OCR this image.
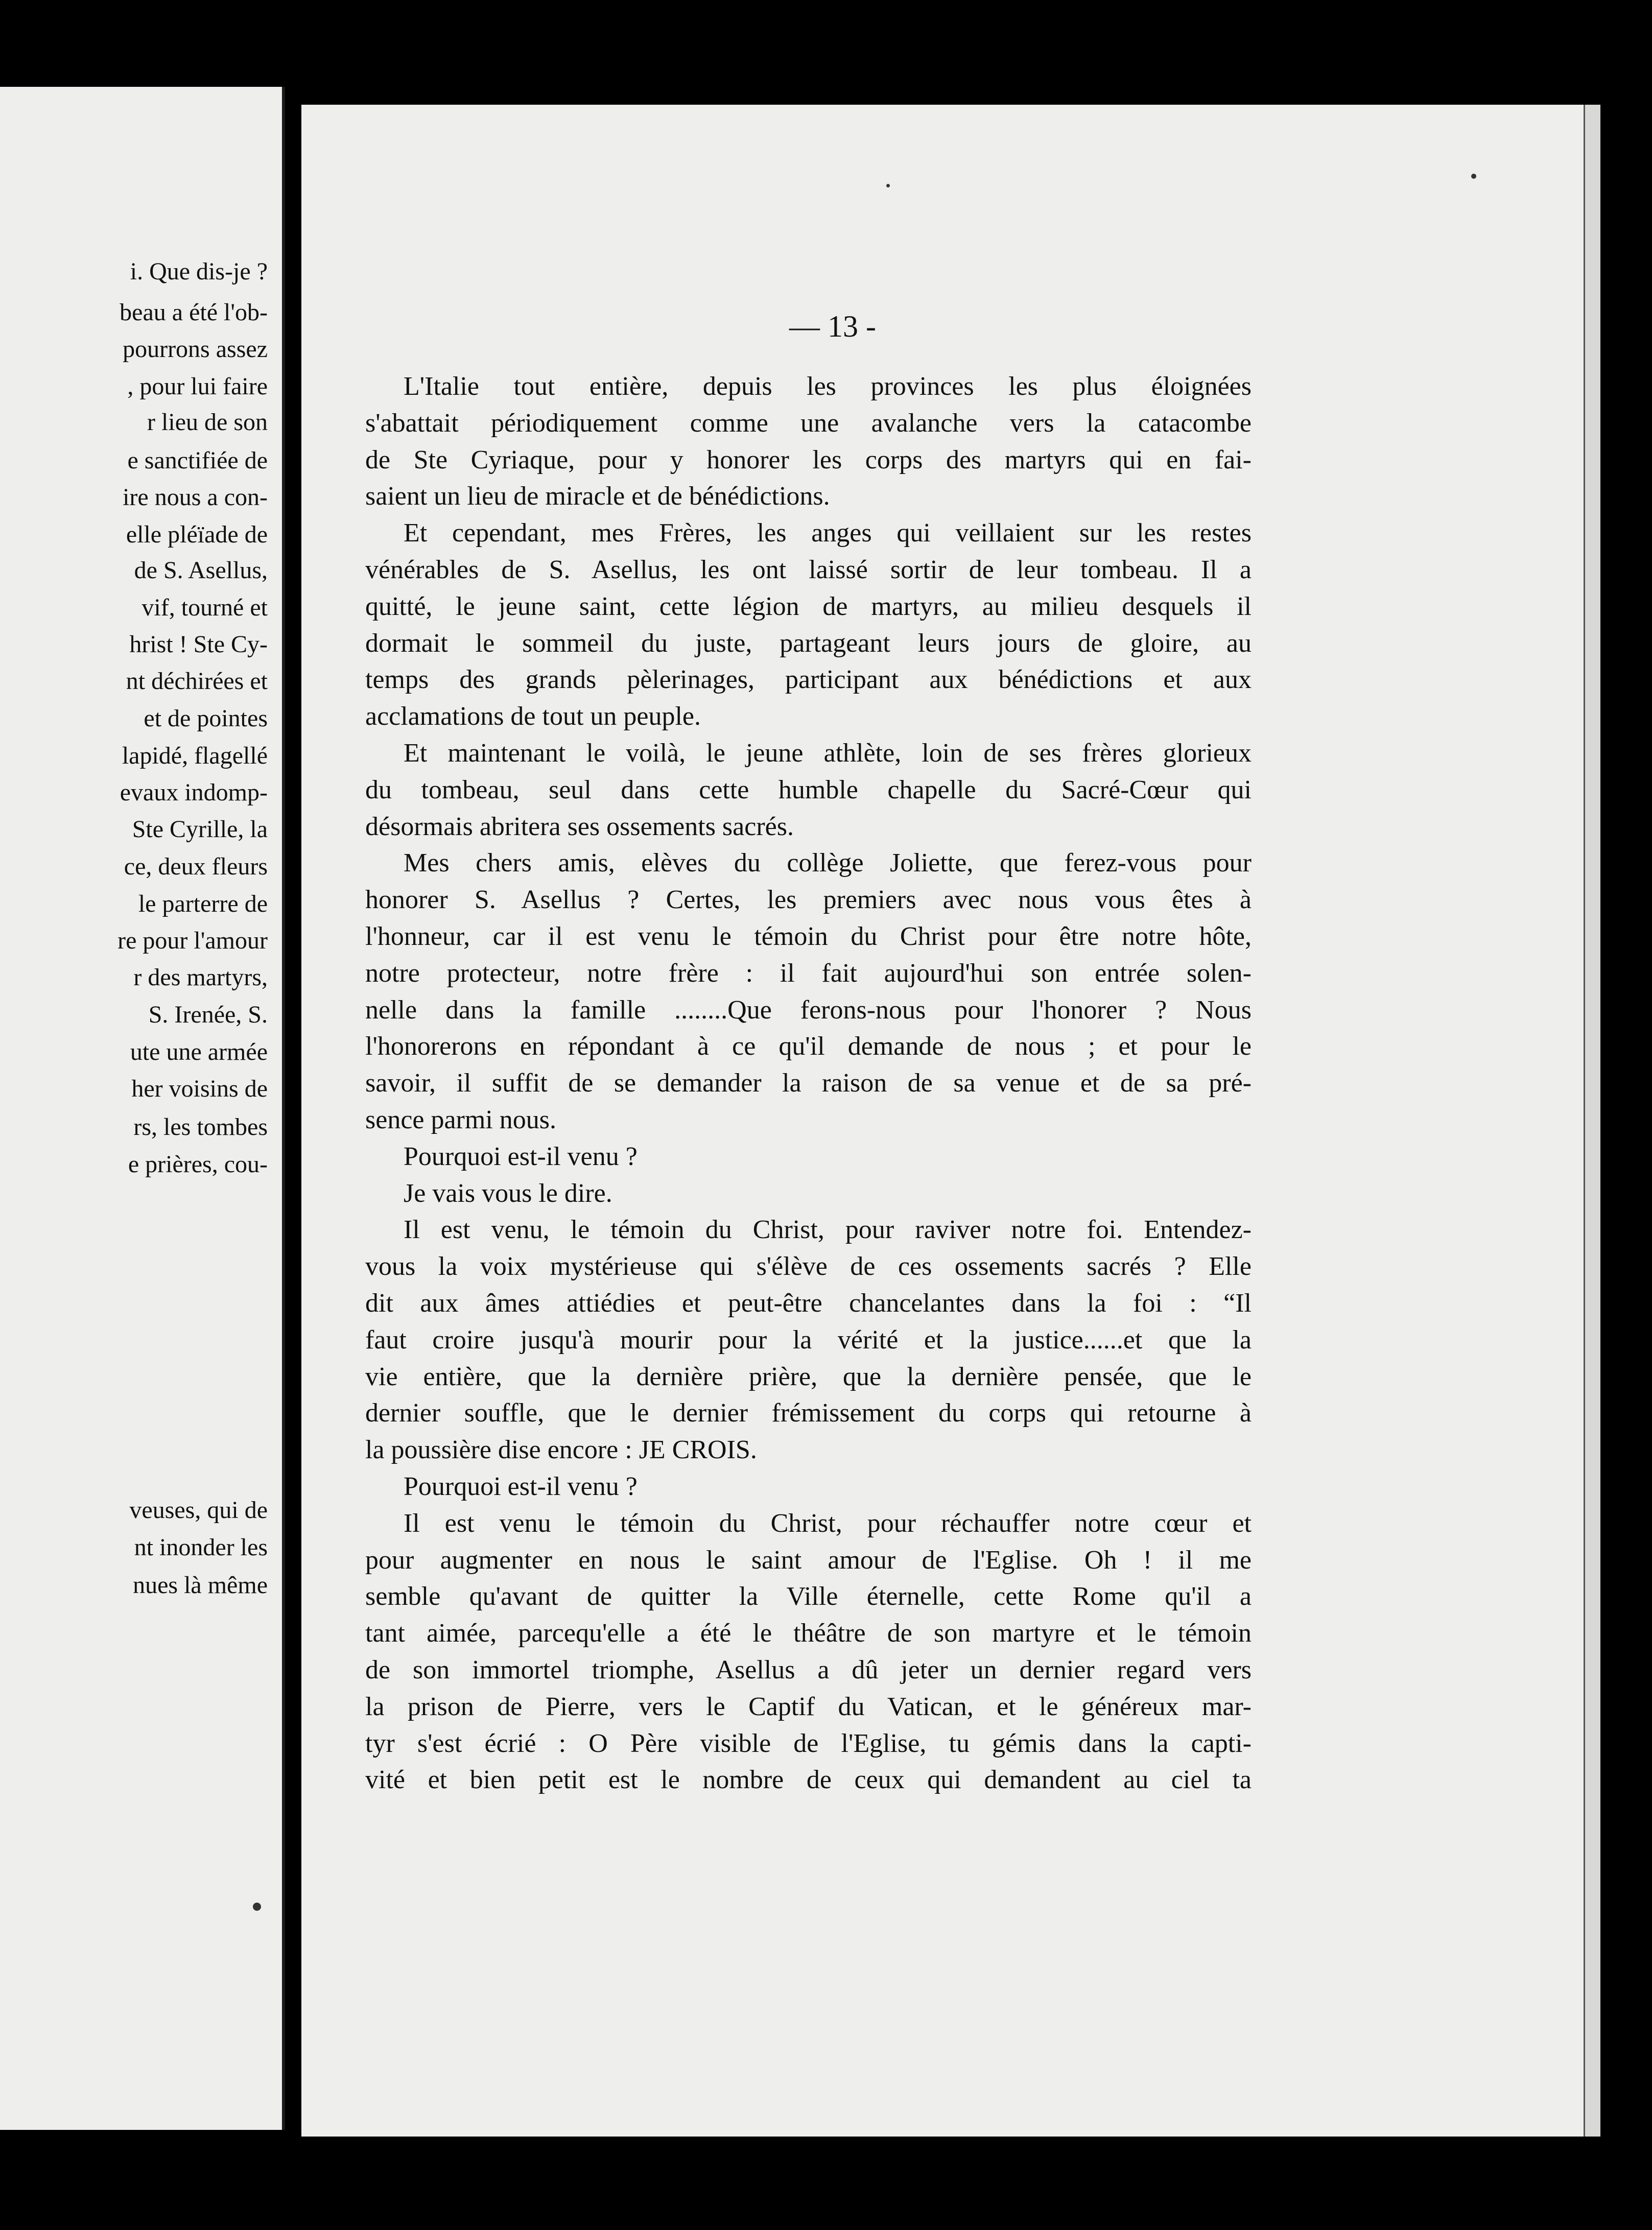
i. Que dis-je ?
beau a été l'ob-
pourrons assez
, pour lui faire
r lieu de son
e sanctifiée de
ire nous a con-
elle pléïade de
de S. Asellus,
vif, tourné et
hrist ! Ste Cy-
nt déchirées et
et de pointes
lapidé, flagellé
evaux indomp-
Ste Cyrille, la
ce, deux fleurs
le parterre de
re pour l'amour
r des martyrs,
S. Irenée, S.
ute une armée
her voisins de
rs, les tombes
e prières, cou-
veuses, qui de
nt inonder les
nues là même
— 13 -
L'Italie tout entière, depuis les provinces les plus éloignées
s'abattait périodiquement comme une avalanche vers la catacombe
de Ste Cyriaque, pour y honorer les corps des martyrs qui en fai-
saient un lieu de miracle et de bénédictions.
Et cependant, mes Frères, les anges qui veillaient sur les restes
vénérables de S. Asellus, les ont laissé sortir de leur tombeau. Il a
quitté, le jeune saint, cette légion de martyrs, au milieu desquels il
dormait le sommeil du juste, partageant leurs jours de gloire, au
temps des grands pèlerinages, participant aux bénédictions et aux
acclamations de tout un peuple.
Et maintenant le voilà, le jeune athlète, loin de ses frères glorieux
du tombeau, seul dans cette humble chapelle du Sacré-Cœur qui
désormais abritera ses ossements sacrés.
Mes chers amis, elèves du collège Joliette, que ferez-vous pour
honorer S. Asellus ? Certes, les premiers avec nous vous êtes à
l'honneur, car il est venu le témoin du Christ pour être notre hôte,
notre protecteur, notre frère : il fait aujourd'hui son entrée solen-
nelle dans la famille ........Que ferons-nous pour l'honorer ? Nous
l'honorerons en répondant à ce qu'il demande de nous ; et pour le
savoir, il suffit de se demander la raison de sa venue et de sa pré-
sence parmi nous.
Pourquoi est-il venu ?
Je vais vous le dire.
Il est venu, le témoin du Christ, pour raviver notre foi. Entendez-
vous la voix mystérieuse qui s'élève de ces ossements sacrés ? Elle
dit aux âmes attiédies et peut-être chancelantes dans la foi : “Il
faut croire jusqu'à mourir pour la vérité et la justice......et que la
vie entière, que la dernière prière, que la dernière pensée, que le
dernier souffle, que le dernier frémissement du corps qui retourne à
la poussière dise encore : JE CROIS.
Pourquoi est-il venu ?
Il est venu le témoin du Christ, pour réchauffer notre cœur et
pour augmenter en nous le saint amour de l'Eglise. Oh ! il me
semble qu'avant de quitter la Ville éternelle, cette Rome qu'il a
tant aimée, parcequ'elle a été le théâtre de son martyre et le témoin
de son immortel triomphe, Asellus a dû jeter un dernier regard vers
la prison de Pierre, vers le Captif du Vatican, et le généreux mar-
tyr s'est écrié : O Père visible de l'Eglise, tu gémis dans la capti-
vité et bien petit est le nombre de ceux qui demandent au ciel ta
